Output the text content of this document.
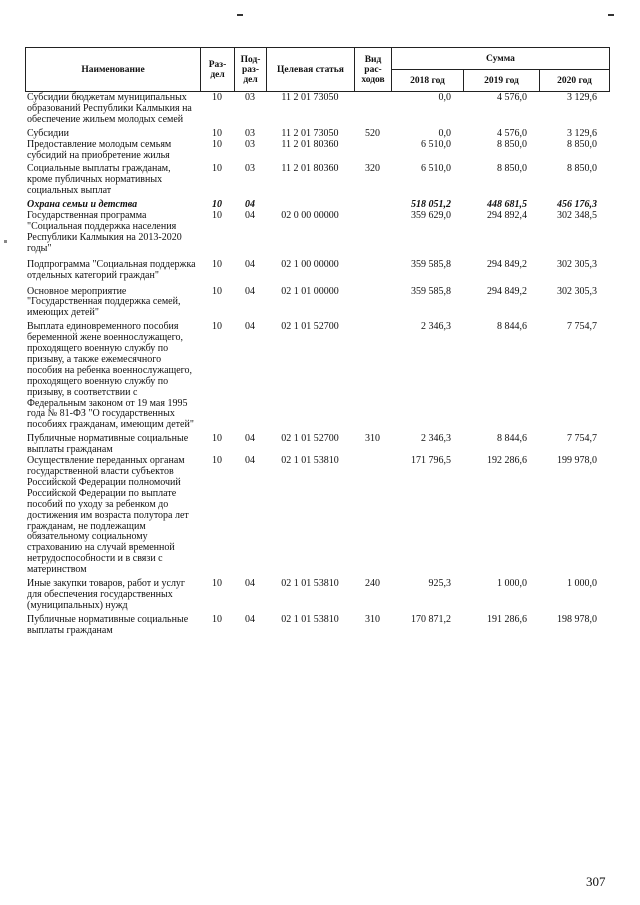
Наименование	Раз-дел	Под-раз-дел	Целевая статья	Вид рас-ходов	Сумма		
					2018 год	2019 год	2020 год
Субсидии бюджетам муниципальных образований Республики Калмыкия на обеспечение жильем молодых семей	10	03	11 2 01 73050		0,0	4 576,0	3 129,6
Субсидии	10	03	11 2 01 73050	520	0,0	4 576,0	3 129,6
Предоставление молодым семьям субсидий на приобретение жилья	10	03	11 2 01 80360		6 510,0	8 850,0	8 850,0
Социальные выплаты гражданам, кроме публичных нормативных социальных выплат	10	03	11 2 01 80360	320	6 510,0	8 850,0	8 850,0
Охрана семьи и детства	10	04			518 051,2	448 681,5	456 176,3
Государственная программа "Социальная поддержка населения Республики Калмыкия на 2013-2020 годы"	10	04	02 0 00 00000		359 629,0	294 892,4	302 348,5
Подпрограмма "Социальная поддержка отдельных категорий граждан"	10	04	02 1 00 00000		359 585,8	294 849,2	302 305,3
Основное мероприятие "Государственная поддержка семей, имеющих детей"	10	04	02 1 01 00000		359 585,8	294 849,2	302 305,3
Выплата единовременного пособия беременной жене военнослужащего, проходящего военную службу по призыву, а также ежемесячного пособия на ребенка военнослужащего, проходящего военную службу по призыву, в соответствии с Федеральным законом от 19 мая 1995 года № 81-ФЗ "О государственных пособиях гражданам, имеющим детей"	10	04	02 1 01 52700		2 346,3	8 844,6	7 754,7
Публичные нормативные социальные выплаты гражданам	10	04	02 1 01 52700	310	2 346,3	8 844,6	7 754,7
Осуществление переданных органам государственной власти субъектов Российской Федерации полномочий Российской Федерации по выплате пособий по уходу за ребенком до достижения им возраста полутора лет гражданам, не подлежащим обязательному социальному страхованию на случай временной нетрудоспособности и в связи с материнством	10	04	02 1 01 53810		171 796,5	192 286,6	199 978,0
Иные закупки товаров, работ и услуг для обеспечения государственных (муниципальных) нужд	10	04	02 1 01 53810	240	925,3	1 000,0	1 000,0
Публичные нормативные социальные выплаты гражданам	10	04	02 1 01 53810	310	170 871,2	191 286,6	198 978,0
307
